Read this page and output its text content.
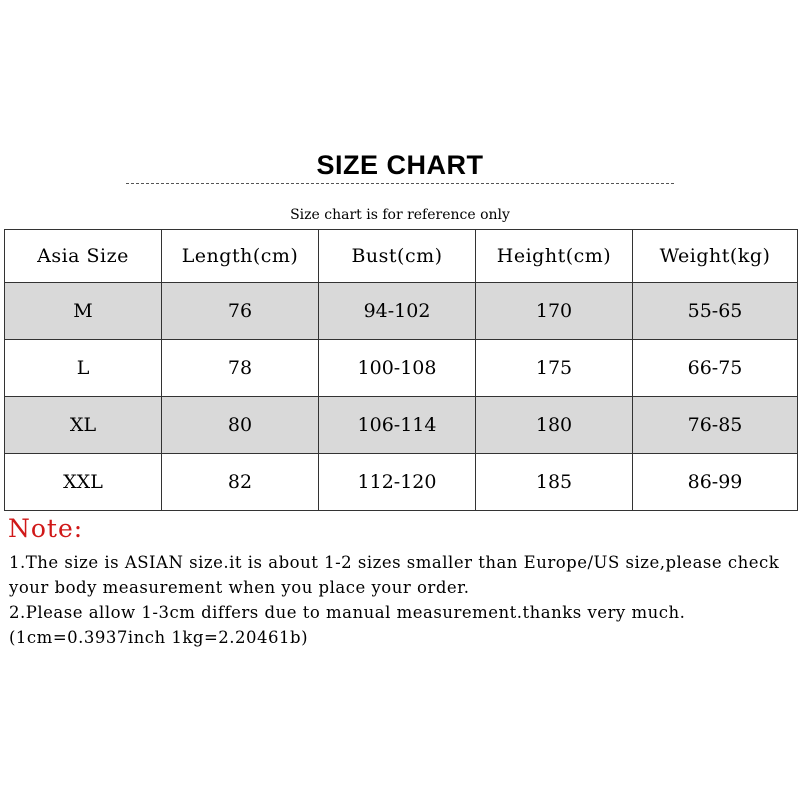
SIZE CHART
Size chart is for reference only
Asia Size	Length(cm)	Bust(cm)	Height(cm)	Weight(kg)
M	76	94-102	170	55-65
L	78	100-108	175	66-75
XL	80	106-114	180	76-85
XXL	82	112-120	185	86-99
Note:

1.The size is ASIAN size.it is about 1-2 sizes smaller than Europe/US size,please check your body measurement when you place your order.

2.Please allow 1-3cm differs due to manual measurement.thanks very much.(1cm=0.3937inch 1kg=2.20461b)
